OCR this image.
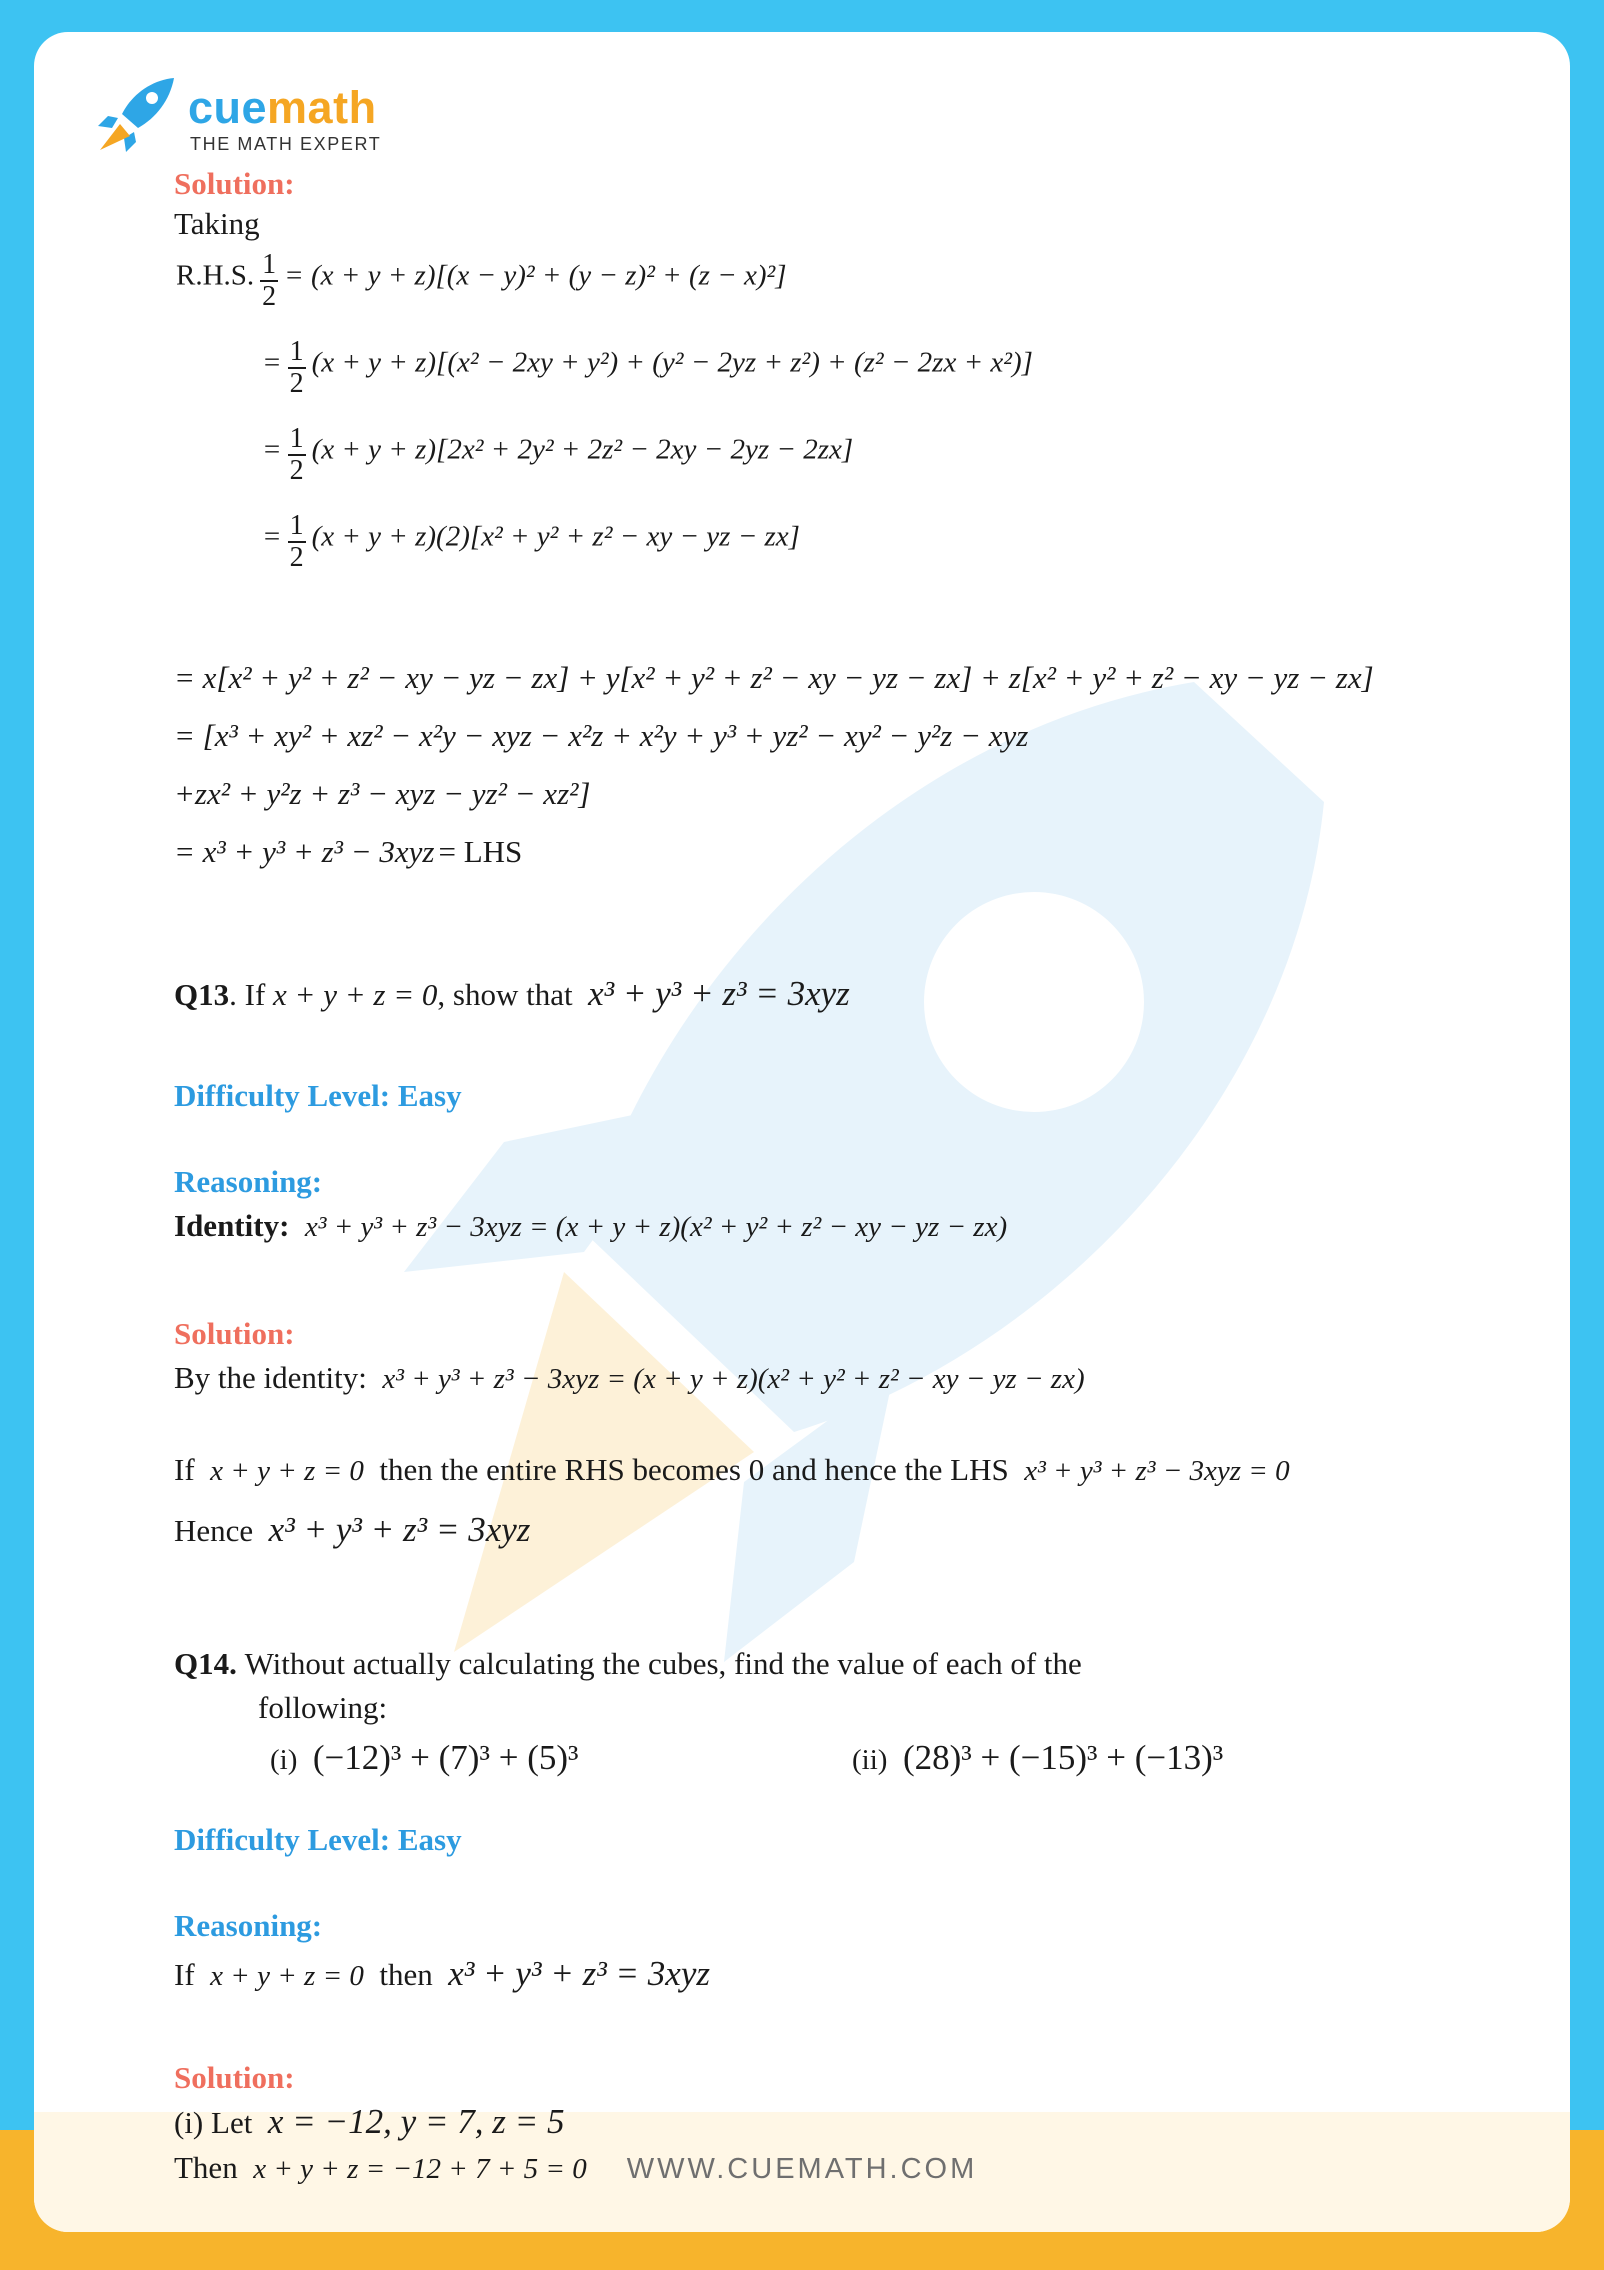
cuemath
THE MATH EXPERT
Solution:
Taking
R.H.S. $\frac{1}{2} = (x + y + z)[(x - y)^2 + (y - z)^2 + (z - x)^2]$
= $\frac{1}{2} (x + y + z)[(x^2 - 2xy + y^2) + (y^2 - 2yz + z^2) + (z^2 - 2zx + x^2)]$
= $\frac{1}{2} (x + y + z)[2x^2 + 2y^2 + 2z^2 - 2xy - 2yz - 2zx]$
= $\frac{1}{2} (x + y + z)(2)[x^2 + y^2 + z^2$ − xy − yz − zx]
= x[x² + y² + z² − xy − yz − zx] + y[x² + y² + z² − xy − yz − zx] + z[x² + y² + z² − xy − yz − zx]
= [x³ + xy² + xz² − x²y − xyz − x²z + x²y + y³ + yz² − xy² − y²z − xyz
+zx² + y²z + z³ − xyz − yz² − xz²]
= x³ + y³ + z³ − 3xyz = LHS
Q13. If x + y + z = 0, show that x³ + y³ + z³ = 3xyz
Difficulty Level: Easy
Reasoning:
Identity: x³ + y³ + z³ − 3xyz = (x + y + z)(x² + y² + z² − xy − yz − zx)
Solution:
By the identity: x³ + y³ + z³ − 3xyz = (x + y + z)(x² + y² + z² − xy − yz − zx)
If x + y + z = 0 then the entire RHS becomes 0 and hence the LHS x³ + y³ + z³ − 3xyz = 0
Hence x³ + y³ + z³ = 3xyz
Q14. Without actually calculating the cubes, find the value of each of the
following:
(i) (−12)³ + (7)³ + (5)³	(ii) (28)³ + (−15)³ + (−13)³
Difficulty Level: Easy
Reasoning:
If x + y + z = 0 then x³ + y³ + z³ = 3xyz
Solution:
(i) Let x = −12, y = 7, z = 5
Then x + y + z = −12 + 7 + 5 = 0	WWW.CUEMATH.COM
